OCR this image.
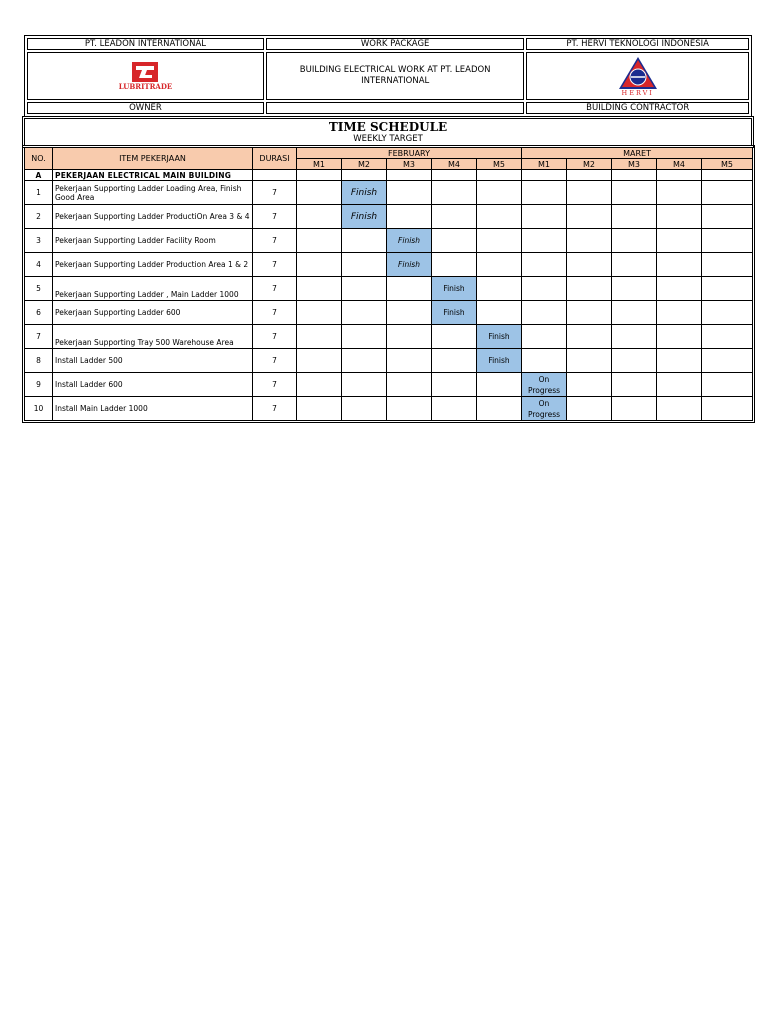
PT. LEADON INTERNATIONAL	WORK PACKAGE	PT. HERVI TEKNOLOGI INDONESIA

LUBRITRADE	BUILDING ELECTRICAL WORK AT PT. LEADON INTERNATIONAL	HERVI

OWNER		BUILDING CONTRACTOR
TIME SCHEDULE
WEEKLY TARGET
NO.	ITEM PEKERJAAN	DURASI	FEBRUARY					MARET				
			M1	M2	M3	M4	M5	M1	M2	M3	M4	M5
A	PEKERJAAN ELECTRICAL MAIN BUILDING											
1	Pekerjaan Supporting Ladder Loading Area, Finish Good Area	7		Finish								
2	Pekerjaan Supporting Ladder ProductiOn Area 3 & 4	7		Finish								
3	Pekerjaan Supporting Ladder Facility Room	7			Finish							
4	Pekerjaan Supporting Ladder Production Area 1 & 2	7			Finish							
5	Pekerjaan Supporting Ladder , Main Ladder 1000	7				Finish						
6	Pekerjaan Supporting Ladder 600	7				Finish						
7	Pekerjaan Supporting Tray 500 Warehouse Area	7					Finish					
8	Install Ladder 500	7					Finish					
9	Install Ladder 600	7						On Progress				
10	Install Main Ladder 1000	7						On Progress				
